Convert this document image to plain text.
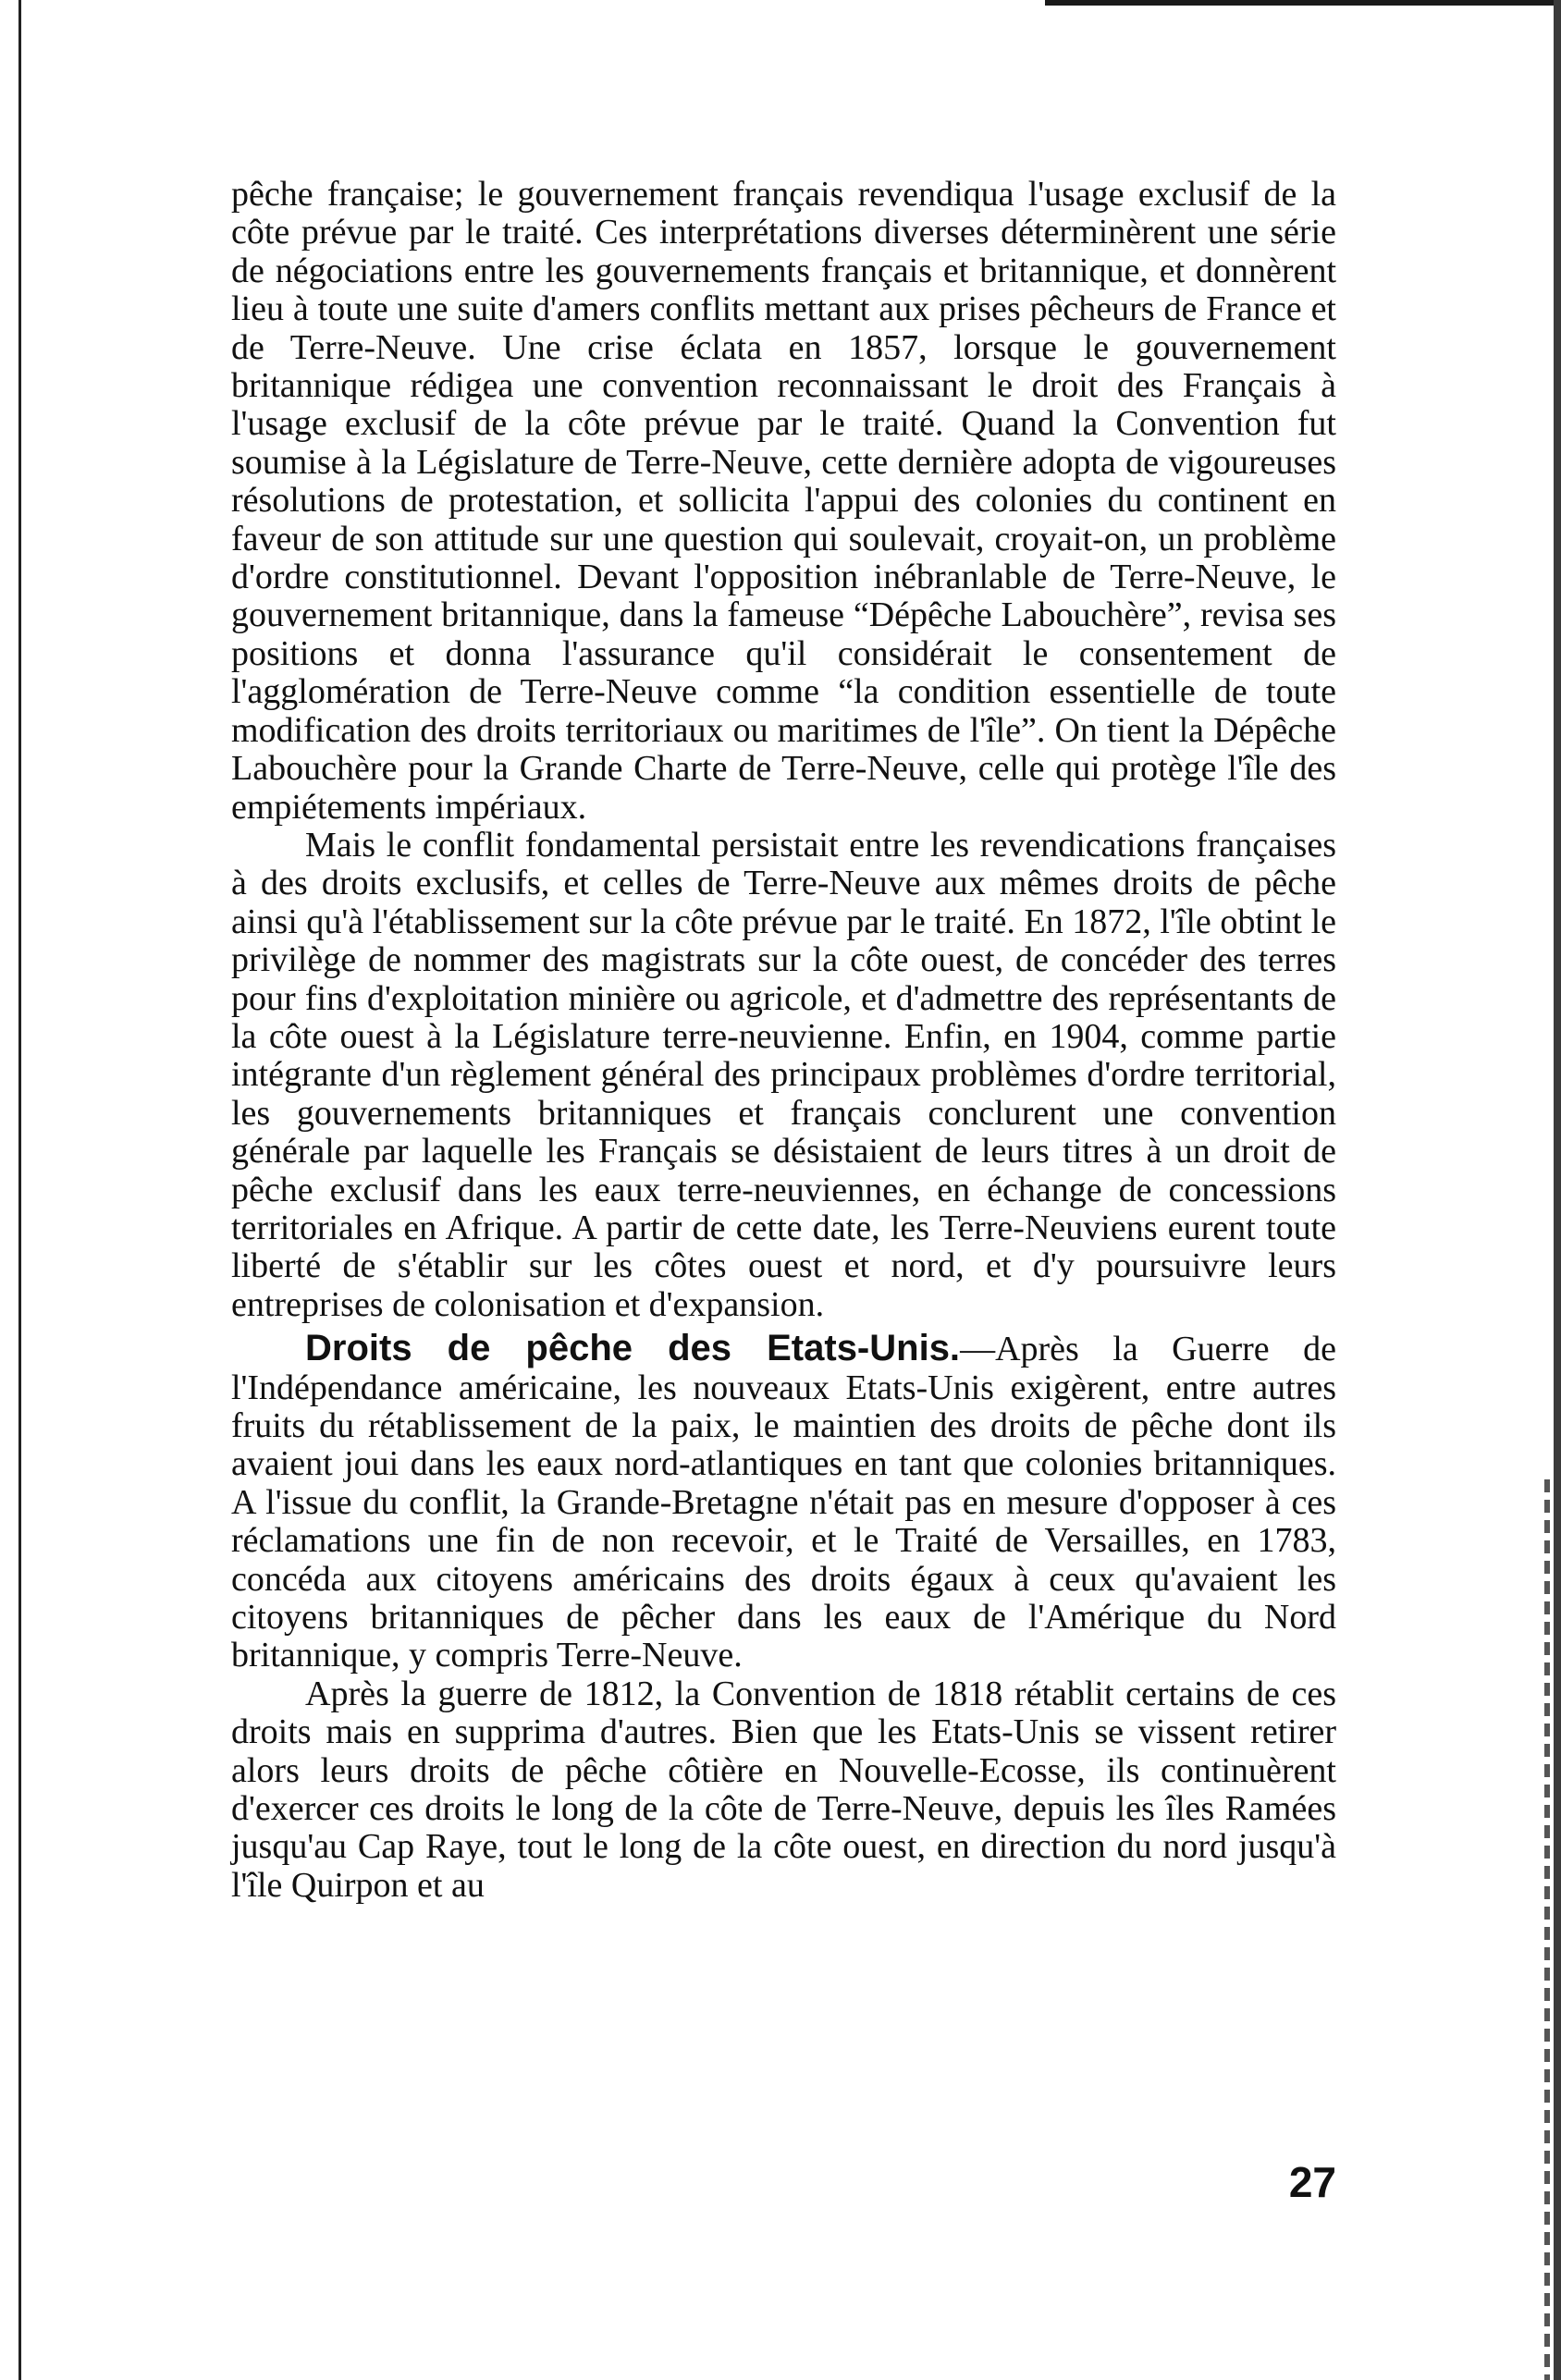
pêche française; le gouvernement français revendiqua l'usage exclusif de la côte prévue par le traité. Ces interprétations diverses déterminèrent une série de négociations entre les gouvernements français et britannique, et donnèrent lieu à toute une suite d'amers conflits mettant aux prises pêcheurs de France et de Terre-Neuve. Une crise éclata en 1857, lorsque le gouvernement britannique rédigea une convention reconnaissant le droit des Français à l'usage exclusif de la côte prévue par le traité. Quand la Convention fut soumise à la Législature de Terre-Neuve, cette dernière adopta de vigoureuses résolutions de protestation, et sollicita l'appui des colonies du continent en faveur de son attitude sur une question qui soulevait, croyait-on, un problème d'ordre constitutionnel. Devant l'opposition inébranlable de Terre-Neuve, le gouvernement britannique, dans la fameuse “Dépêche Labouchère”, revisa ses positions et donna l'assurance qu'il considérait le consentement de l'agglomération de Terre-Neuve comme “la condition essentielle de toute modification des droits territoriaux ou maritimes de l'île”. On tient la Dépêche Labouchère pour la Grande Charte de Terre-Neuve, celle qui protège l'île des empiétements impériaux.

Mais le conflit fondamental persistait entre les revendications françaises à des droits exclusifs, et celles de Terre-Neuve aux mêmes droits de pêche ainsi qu'à l'établissement sur la côte prévue par le traité. En 1872, l'île obtint le privilège de nommer des magistrats sur la côte ouest, de concéder des terres pour fins d'exploitation minière ou agricole, et d'admettre des représentants de la côte ouest à la Législature terre-neuvienne. Enfin, en 1904, comme partie intégrante d'un règlement général des principaux problèmes d'ordre territorial, les gouvernements britanniques et français conclurent une convention générale par laquelle les Français se désistaient de leurs titres à un droit de pêche exclusif dans les eaux terre-neuviennes, en échange de concessions territoriales en Afrique. A partir de cette date, les Terre-Neuviens eurent toute liberté de s'établir sur les côtes ouest et nord, et d'y poursuivre leurs entreprises de colonisation et d'expansion.

Droits de pêche des Etats-Unis.—Après la Guerre de l'Indépendance américaine, les nouveaux Etats-Unis exigèrent, entre autres fruits du rétablissement de la paix, le maintien des droits de pêche dont ils avaient joui dans les eaux nord-atlantiques en tant que colonies britanniques. A l'issue du conflit, la Grande-Bretagne n'était pas en mesure d'opposer à ces réclamations une fin de non recevoir, et le Traité de Versailles, en 1783, concéda aux citoyens américains des droits égaux à ceux qu'avaient les citoyens britanniques de pêcher dans les eaux de l'Amérique du Nord britannique, y compris Terre-Neuve.

Après la guerre de 1812, la Convention de 1818 rétablit certains de ces droits mais en supprima d'autres. Bien que les Etats-Unis se vissent retirer alors leurs droits de pêche côtière en Nouvelle-Ecosse, ils continuèrent d'exercer ces droits le long de la côte de Terre-Neuve, depuis les îles Ramées jusqu'au Cap Raye, tout le long de la côte ouest, en direction du nord jusqu'à l'île Quirpon et au

27
